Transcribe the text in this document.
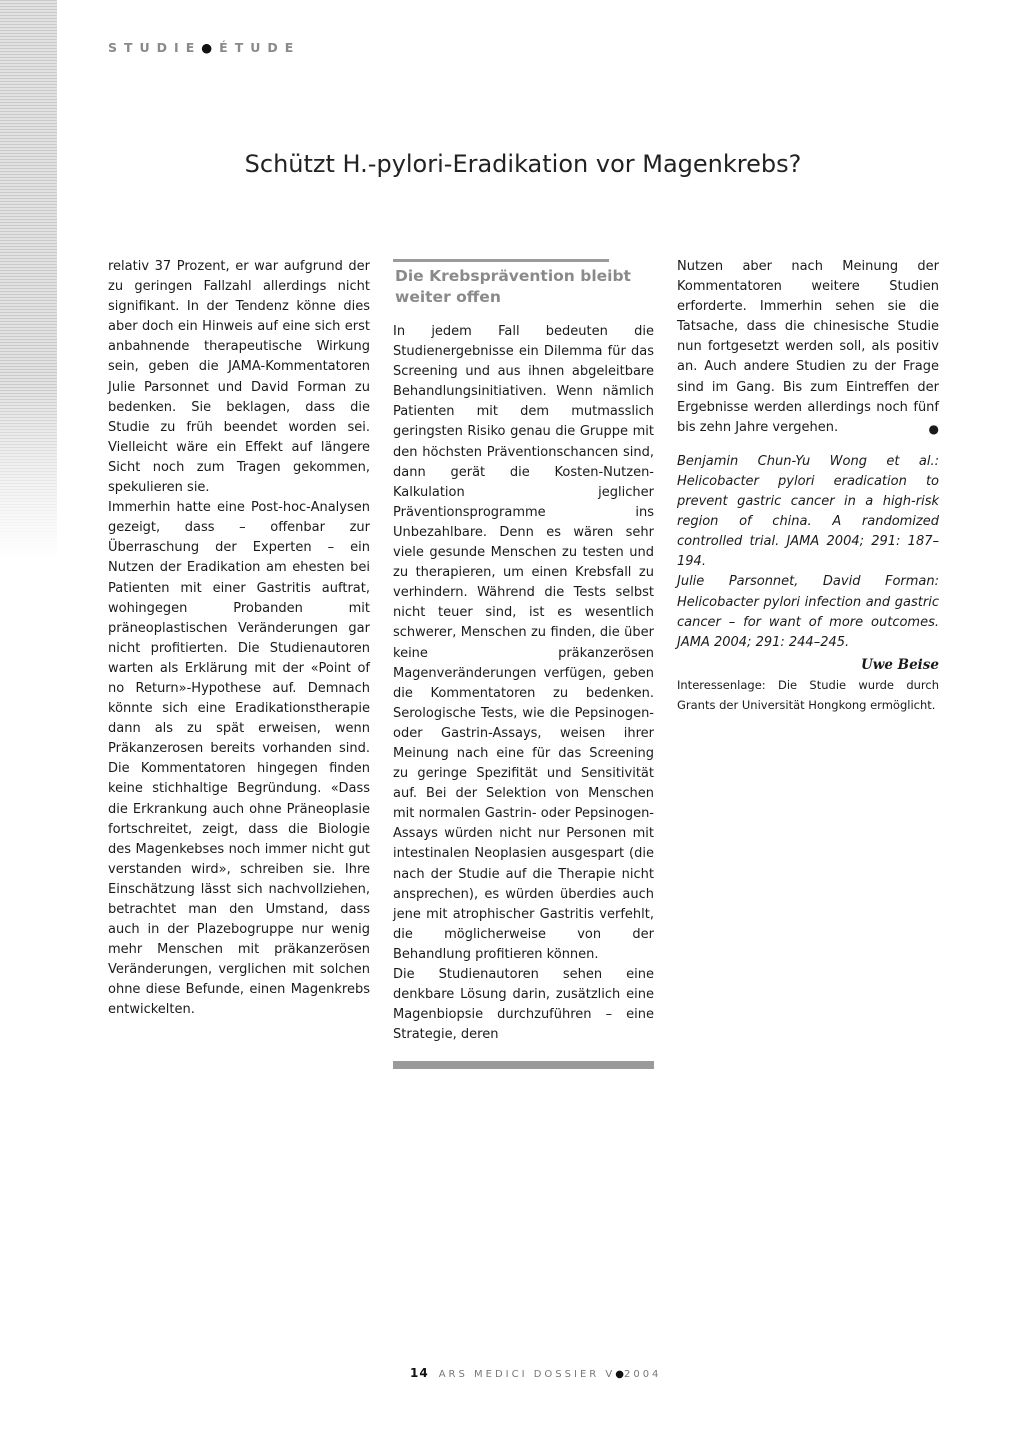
STUDIE●ÉTUDE
Schützt H.-pylori-Eradikation vor Magenkrebs?

relativ 37 Prozent, er war aufgrund der zu geringen Fallzahl allerdings nicht signifikant. In der Tendenz könne dies aber doch ein Hinweis auf eine sich erst anbahnende therapeutische Wirkung sein, geben die JAMA-Kommentatoren Julie Parsonnet und David Forman zu bedenken. Sie beklagen, dass die Studie zu früh beendet worden sei. Vielleicht wäre ein Effekt auf längere Sicht noch zum Tragen gekommen, spekulieren sie.

Immerhin hatte eine Post-hoc-Analysen gezeigt, dass – offenbar zur Überraschung der Experten – ein Nutzen der Eradikation am ehesten bei Patienten mit einer Gastritis auftrat, wohingegen Probanden mit präneoplastischen Veränderungen gar nicht profitierten. Die Studienautoren warten als Erklärung mit der «Point of no Return»-Hypothese auf. Demnach könnte sich eine Eradikationstherapie dann als zu spät erweisen, wenn Präkanzerosen bereits vorhanden sind. Die Kommentatoren hingegen finden keine stichhaltige Begründung. «Dass die Erkrankung auch ohne Präneoplasie fortschreitet, zeigt, dass die Biologie des Magenkebses noch immer nicht gut verstanden wird», schreiben sie. Ihre Einschätzung lässt sich nachvollziehen, betrachtet man den Umstand, dass auch in der Plazebogruppe nur wenig mehr Menschen mit präkanzerösen Veränderungen, verglichen mit solchen ohne diese Befunde, einen Magenkrebs entwickelten.

Die Krebsprävention bleibt weiter offen

In jedem Fall bedeuten die Studienergebnisse ein Dilemma für das Screening und aus ihnen abgeleitbare Behandlungsinitiativen. Wenn nämlich Patienten mit dem mutmasslich geringsten Risiko genau die Gruppe mit den höchsten Präventionschancen sind, dann gerät die Kosten-Nutzen-Kalkulation jeglicher Präventionsprogramme ins Unbezahlbare. Denn es wären sehr viele gesunde Menschen zu testen und zu therapieren, um einen Krebsfall zu verhindern. Während die Tests selbst nicht teuer sind, ist es wesentlich schwerer, Menschen zu finden, die über keine präkanzerösen Magenveränderungen verfügen, geben die Kommentatoren zu bedenken. Serologische Tests, wie die Pepsinogen- oder Gastrin-Assays, weisen ihrer Meinung nach eine für das Screening zu geringe Spezifität und Sensitivität auf. Bei der Selektion von Menschen mit normalen Gastrin- oder Pepsinogen-Assays würden nicht nur Personen mit intestinalen Neoplasien ausgespart (die nach der Studie auf die Therapie nicht ansprechen), es würden überdies auch jene mit atrophischer Gastritis verfehlt, die möglicherweise von der Behandlung profitieren können.

Die Studienautoren sehen eine denkbare Lösung darin, zusätzlich eine Magenbiopsie durchzuführen – eine Strategie, deren

Nutzen aber nach Meinung der Kommentatoren weitere Studien erforderte. Immerhin sehen sie die Tatsache, dass die chinesische Studie nun fortgesetzt werden soll, als positiv an. Auch andere Studien zu der Frage sind im Gang. Bis zum Eintreffen der Ergebnisse werden allerdings noch fünf bis zehn Jahre vergehen.	●

Benjamin Chun-Yu Wong et al.: Helicobacter pylori eradication to prevent gastric cancer in a high-risk region of china. A randomized controlled trial. JAMA 2004; 291: 187–194.

Julie Parsonnet, David Forman: Helicobacter pylori infection and gastric cancer – for want of more outcomes. JAMA 2004; 291: 244–245.

Uwe Beise

Interessenlage: Die Studie wurde durch Grants der Universität Hongkong ermöglicht.

14 ARS MEDICI DOSSIER V●2004
